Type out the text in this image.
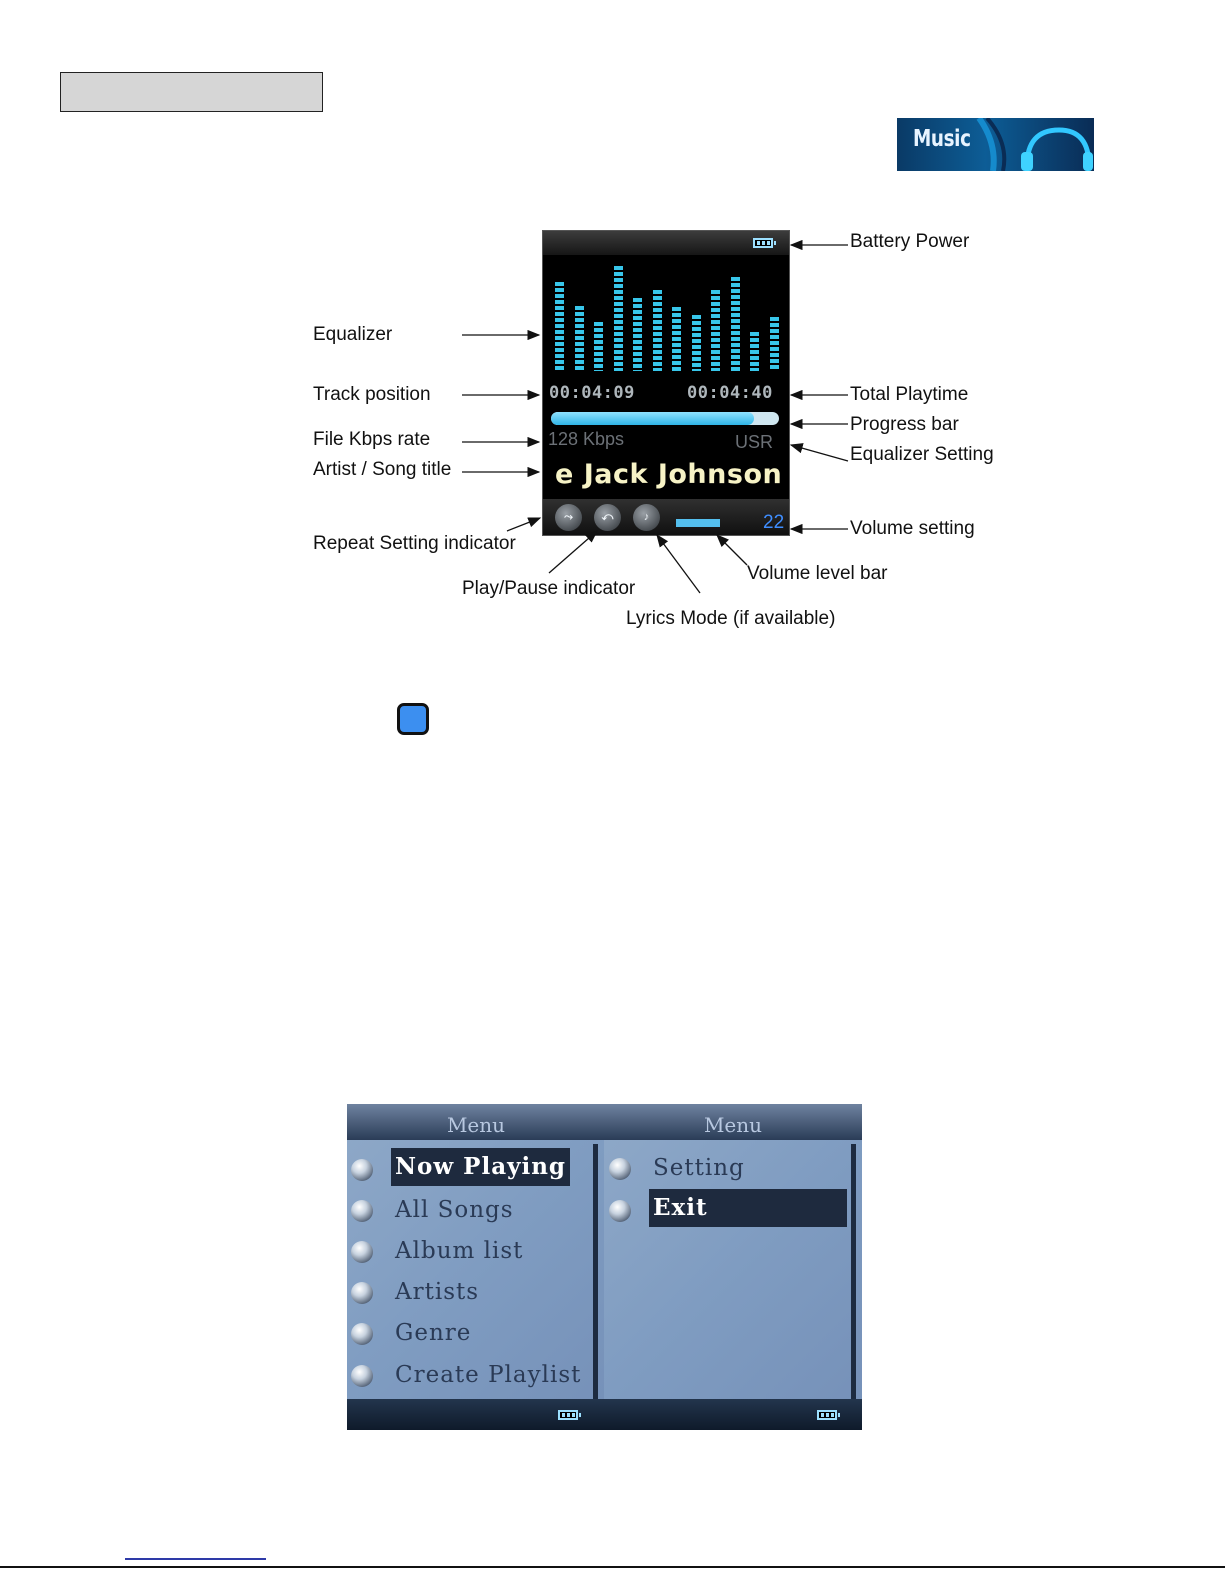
Music
00:04:09	00:04:40
128 Kbps	USR
e Jack Johnson
⤳	⤺	♪	22
Battery Power
Equalizer
Track position	Total Playtime
Progress bar
File Kbps rate
Equalizer Setting
Artist / Song title
Repeat Setting indicator
Volume setting
Play/Pause indicator
Volume level bar
Lyrics Mode (if available)
Menu
Now Playing
All Songs
Album list
Artists
Genre
Create Playlist
Menu
Setting
Exit
